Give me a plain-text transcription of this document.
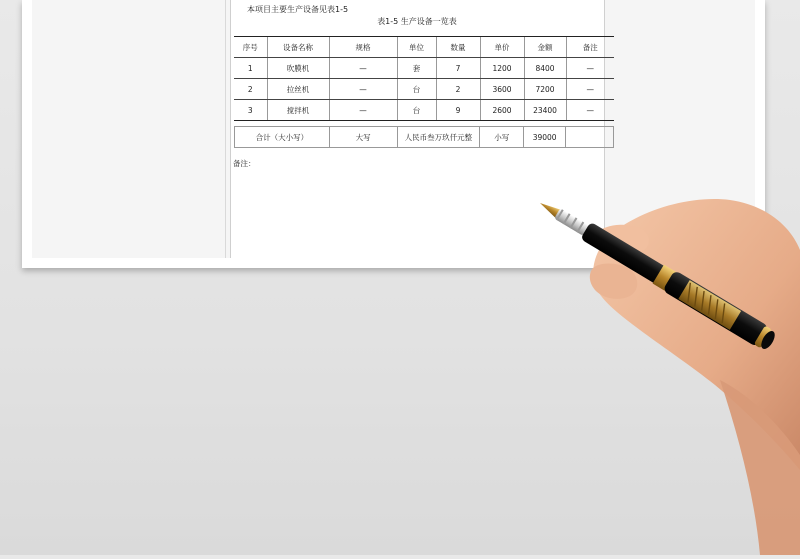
本项目主要生产设备见表1-5
表1-5 生产设备一览表
序号	设备名称	规格	单位	数量	单价	金额	备注
1	吹膜机	—	套	7	1200	8400	—
2	拉丝机	—	台	2	3600	7200	—
3	搅拌机	—	台	9	2600	23400	—
合计（大小写）	大写	人民币叁万玖仟元整	小写	39000	
备注：
